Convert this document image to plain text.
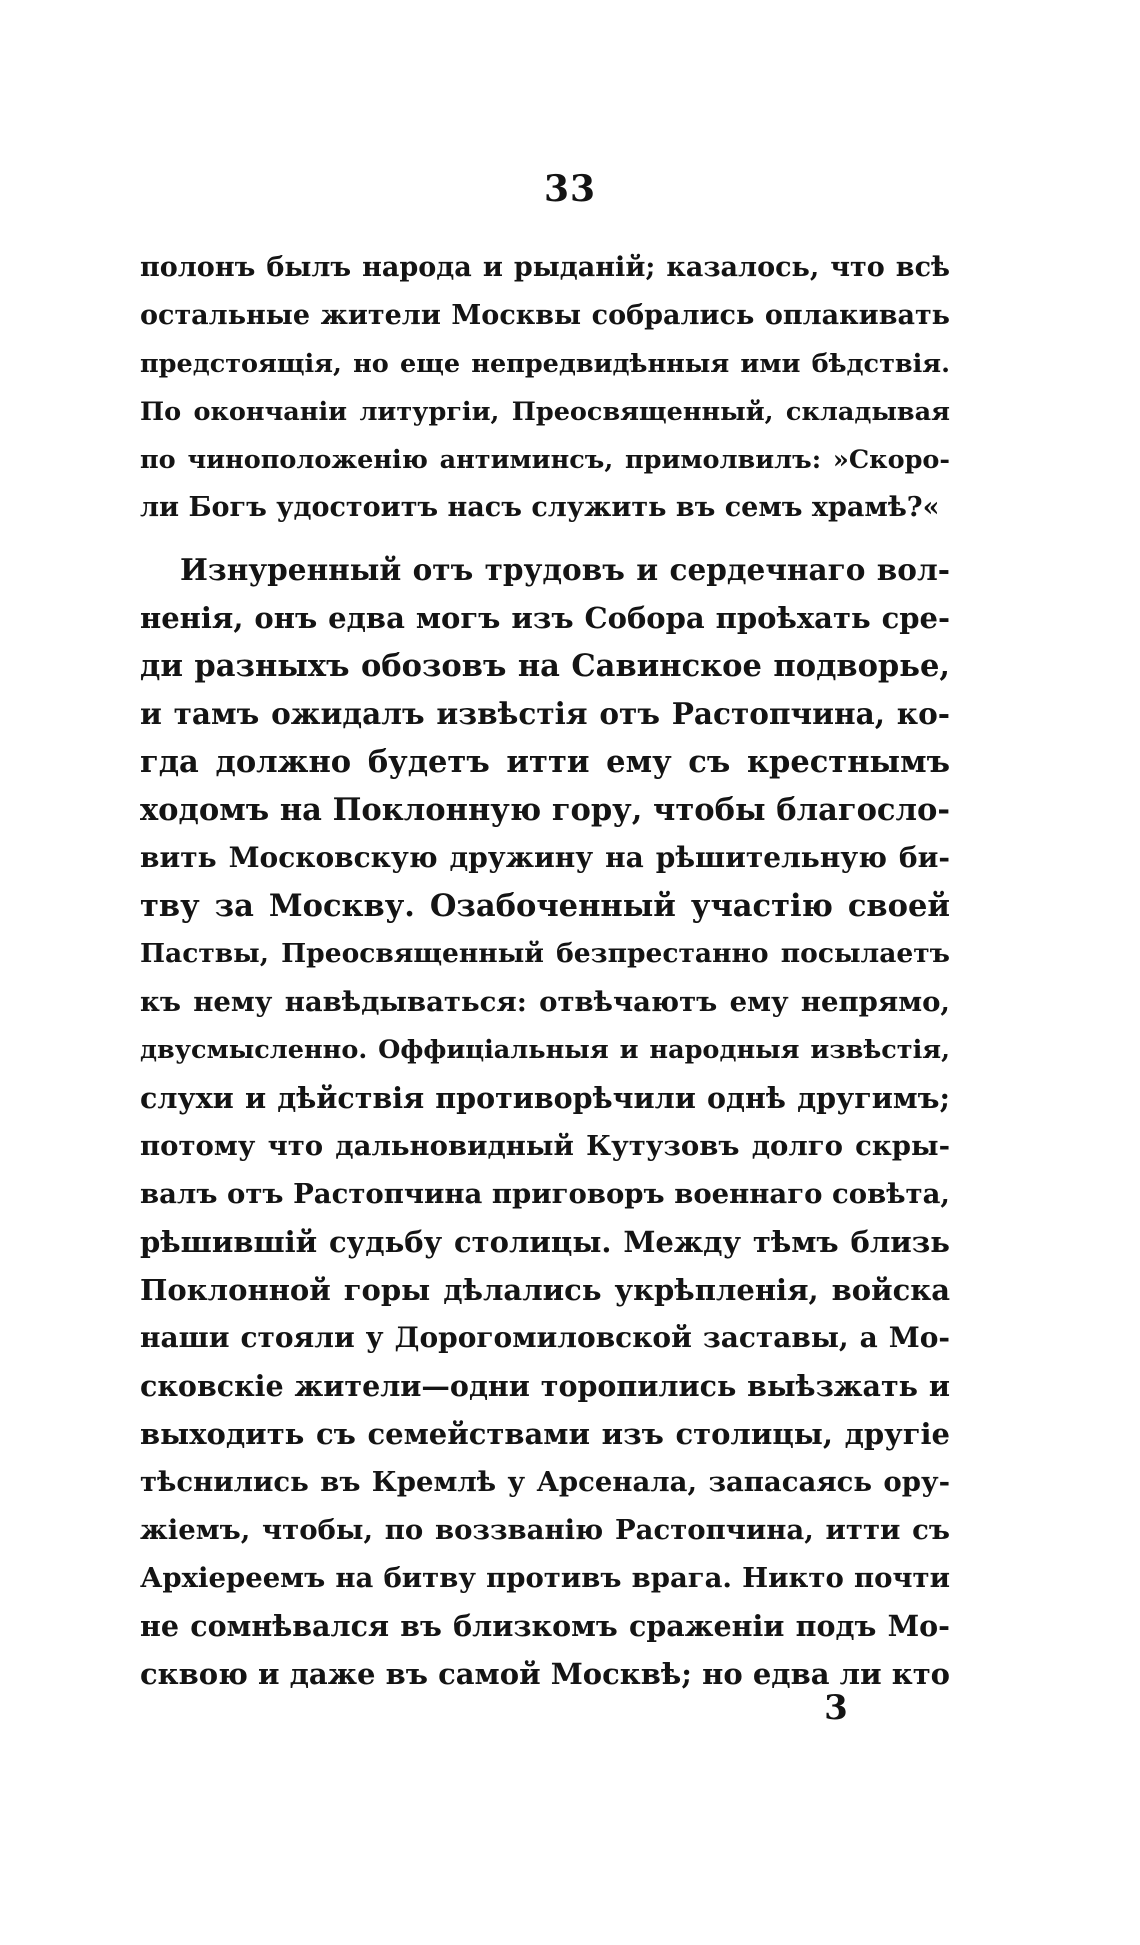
33
полонъ былъ народа и рыданій; казалось, что всѣ
остальные жители Москвы собрались оплакивать
предстоящія, но еще непредвидѣнныя ими бѣдствія.
По окончаніи литургіи, Преосвященный, складывая
по чиноположенію антиминсъ, примолвилъ: »Скоро-
ли Богъ удостоитъ насъ служить въ семъ храмѣ?«
Изнуренный отъ трудовъ и сердечнаго вол-
ненія, онъ едва могъ изъ Собора проѣхать сре-
ди разныхъ обозовъ на Савинское подворье,
и тамъ ожидалъ извѣстія отъ Растопчина, ко-
гда должно будетъ итти ему съ крестнымъ
ходомъ на Поклонную гору, чтобы благосло-
вить Московскую дружину на рѣшительную би-
тву за Москву. Озабоченный участію своей
Паствы, Преосвященный безпрестанно посылаетъ
къ нему навѣдываться: отвѣчаютъ ему непрямо,
двусмысленно. Оффиціальныя и народныя извѣстія,
слухи и дѣйствія противорѣчили однѣ другимъ;
потому что дальновидный Кутузовъ долго скры-
валъ отъ Растопчина приговоръ военнаго совѣта,
рѣшившій судьбу столицы. Между тѣмъ близь
Поклонной горы дѣлались укрѣпленія, войска
наши стояли у Дорогомиловской заставы, а Мо-
сковскіе жители—одни торопились выѣзжать и
выходить съ семействами изъ столицы, другіе
тѣснились въ Кремлѣ у Арсенала, запасаясь ору-
жіемъ, чтобы, по воззванію Растопчина, итти съ
Архіереемъ на битву противъ врага. Никто почти
не сомнѣвался въ близкомъ сраженіи подъ Мо-
сквою и даже въ самой Москвѣ; но едва ли кто
3
